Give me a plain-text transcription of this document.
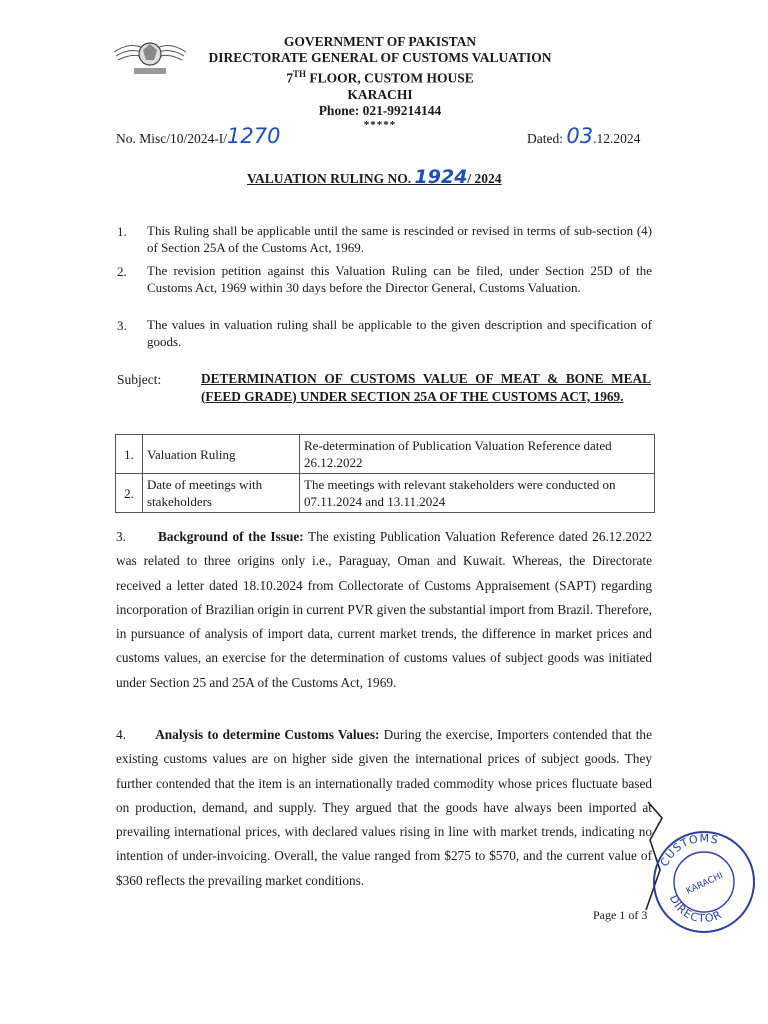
GOVERNMENT OF PAKISTAN
DIRECTORATE GENERAL OF CUSTOMS VALUATION
7TH FLOOR, CUSTOM HOUSE
KARACHI
Phone: 021-99214144
*****
No. Misc/10/2024-I/1270	Dated: 03.12.2024
VALUATION RULING NO. 1924/ 2024
1. This Ruling shall be applicable until the same is rescinded or revised in terms of sub-section (4) of Section 25A of the Customs Act, 1969.
2. The revision petition against this Valuation Ruling can be filed, under Section 25D of the Customs Act, 1969 within 30 days before the Director General, Customs Valuation.
3. The values in valuation ruling shall be applicable to the given description and specification of goods.
Subject:	DETERMINATION OF CUSTOMS VALUE OF MEAT & BONE MEAL (FEED GRADE) UNDER SECTION 25A OF THE CUSTOMS ACT, 1969.
1.	Valuation Ruling	Re-determination of Publication Valuation Reference dated 26.12.2022
2.	Date of meetings with stakeholders	The meetings with relevant stakeholders were conducted on 07.11.2024 and 13.11.2024
3. Background of the Issue: The existing Publication Valuation Reference dated 26.12.2022 was related to three origins only i.e., Paraguay, Oman and Kuwait. Whereas, the Directorate received a letter dated 18.10.2024 from Collectorate of Customs Appraisement (SAPT) regarding incorporation of Brazilian origin in current PVR given the substantial import from Brazil. Therefore, in pursuance of analysis of import data, current market trends, the difference in market prices and customs values, an exercise for the determination of customs values of subject goods was initiated under Section 25 and 25A of the Customs Act, 1969.
4. Analysis to determine Customs Values: During the exercise, Importers contended that the existing customs values are on higher side given the international prices of subject goods. They further contended that the item is an internationally traded commodity whose prices fluctuate based on production, demand, and supply. They argued that the goods have always been imported at prevailing international prices, with declared values rising in line with market trends, indicating no intention of under-invoicing. Overall, the value ranged from $275 to $570, and the current value of $360 reflects the prevailing market conditions.
Page 1 of 3
CUSTOMS
DIRECTOR
KARACHI
